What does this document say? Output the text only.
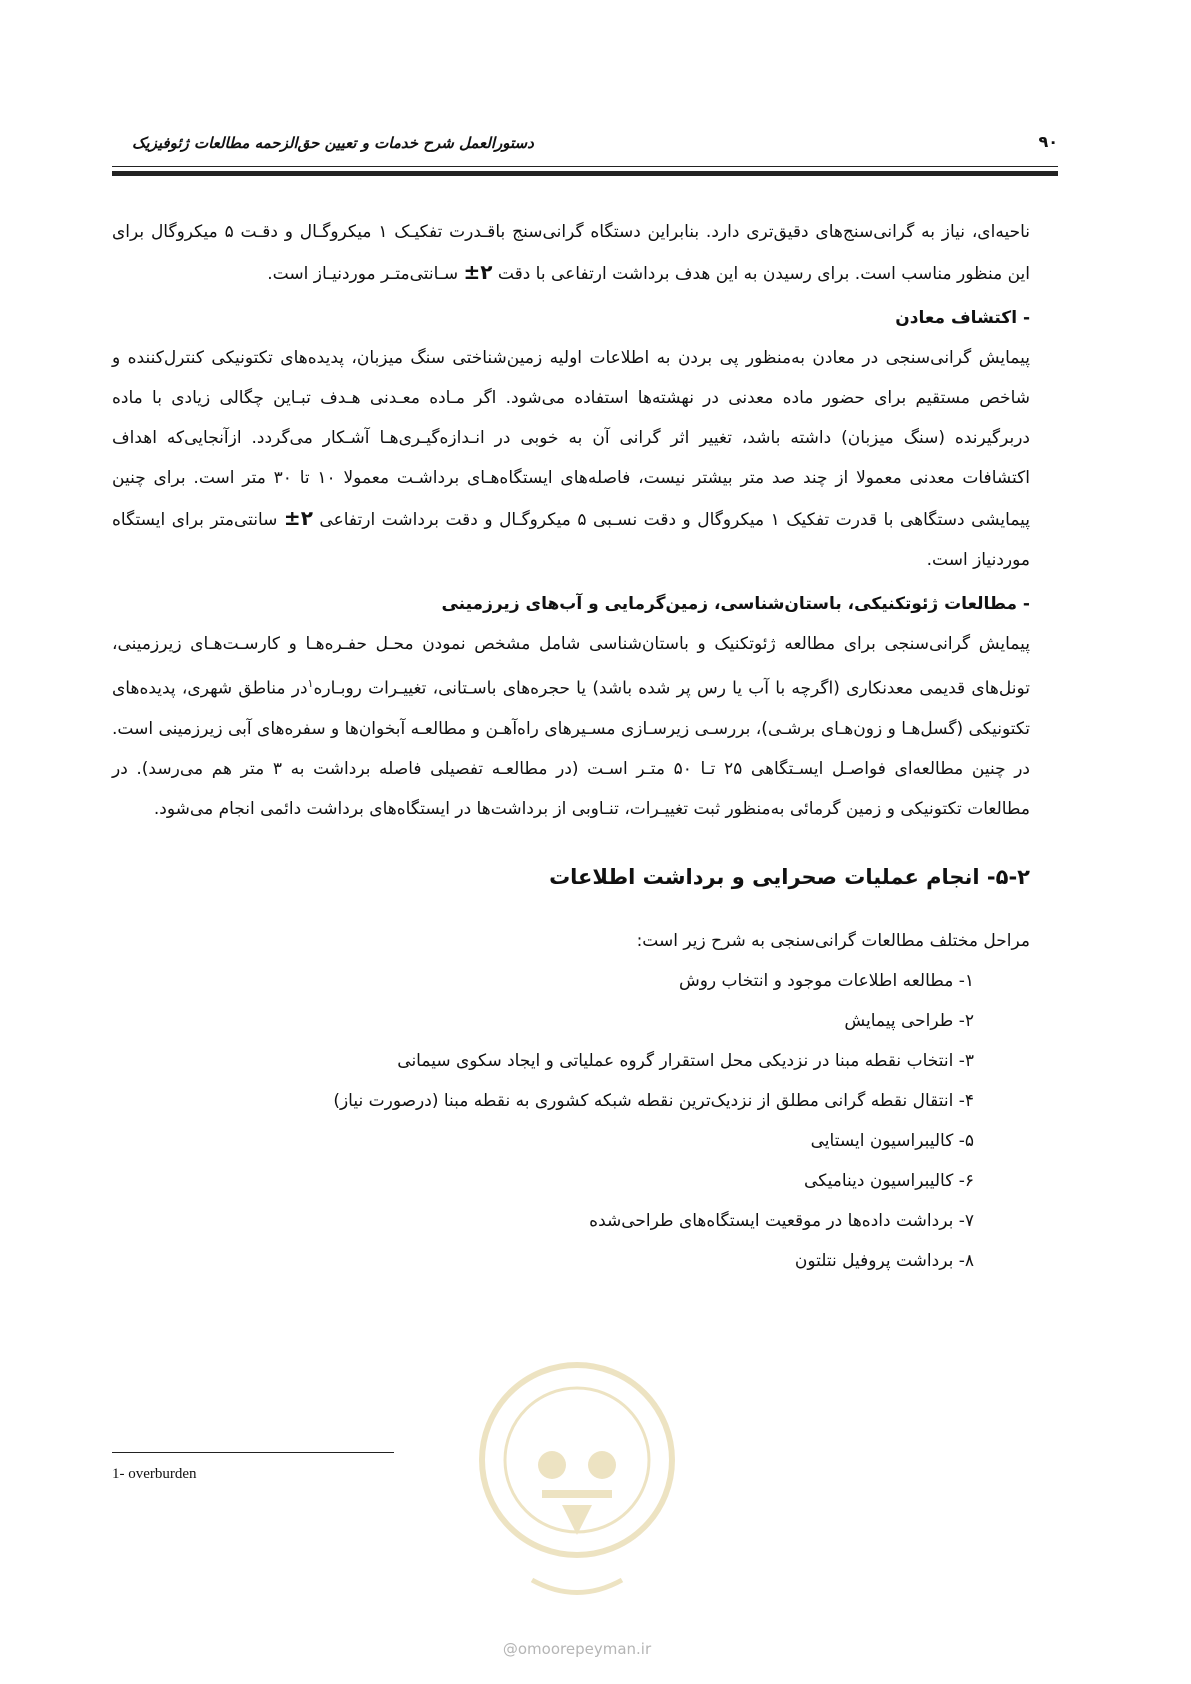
۹۰
دستورالعمل شرح خدمات و تعیین حق‌الزحمه مطالعات ژئوفیزیک

ناحیه‌ای، نیاز به گرانی‌سنج‌های دقیق‌تری دارد. بنابراین دستگاه گرانی‌سنج باقـدرت تفکیـک ۱ میکروگـال و دقـت ۵ میکروگال برای این منظور مناسب است. برای رسیدن به این هدف برداشت ارتفاعی با دقت ۲± سـانتی‌متـر موردنیـاز است.

- اکتشاف معادن

پیمایش گرانی‌سنجی در معادن به‌منظور پی بردن به اطلاعات اولیه زمین‌شناختی سنگ میزبان، پدیده‌های تکتونیکی کنترل‌کننده و شاخص مستقیم برای حضور ماده معدنی در نهشته‌ها استفاده می‌شود. اگر مـاده معـدنی هـدف تبـاین چگالی زیادی با ماده دربرگیرنده (سنگ میزبان) داشته باشد، تغییر اثر گرانی آن به خوبی در انـدازه‌گیـری‌هـا آشـکار می‌گردد. ازآنجایی‌که اهداف اکتشافات معدنی معمولا از چند صد متر بیشتر نیست، فاصله‌های ایستگاه‌هـای برداشـت معمولا ۱۰ تا ۳۰ متر است. برای چنین پیمایشی دستگاهی با قدرت تفکیک ۱ میکروگال و دقت نسـبی ۵ میکروگـال و دقت برداشت ارتفاعی ۲± سانتی‌متر برای ایستگاه موردنیاز است.

- مطالعات ژئوتکنیکی، باستان‌شناسی، زمین‌گرمایی و آب‌های زیرزمینی

پیمایش گرانی‌سنجی برای مطالعه ژئوتکنیک و باستان‌شناسی شامل مشخص نمودن محـل حفـره‌هـا و کارسـت‌هـای زیرزمینی، تونل‌های قدیمی معدنکاری (اگرچه با آب یا رس پر شده باشد) یا حجره‌های باسـتانی، تغییـرات روبـاره$^۱$در مناطق شهری، پدیده‌های تکتونیکی (گسل‌هـا و زون‌هـای برشـی)، بررسـی زیرسـازی مسـیرهای راه‌آهـن و مطالعـه آبخوان‌ها و سفره‌های آبی زیرزمینی است. در چنین مطالعه‌ای فواصـل ایسـتگاهی ۲۵ تـا ۵۰ متـر اسـت (در مطالعـه تفصیلی فاصله برداشت به ۳ متر هم می‌رسد). در مطالعات تکتونیکی و زمین گرمائی به‌منظور ثبت تغییـرات، تنـاوبی از برداشت‌ها در ایستگاه‌های برداشت دائمی انجام می‌شود.

۵-۲- انجام عملیات صحرایی و برداشت اطلاعات

مراحل مختلف مطالعات گرانی‌سنجی به شرح زیر است:

۱- مطالعه اطلاعات موجود و انتخاب روش
۲- طراحی پیمایش
۳- انتخاب نقطه مبنا در نزدیکی محل استقرار گروه عملیاتی و ایجاد سکوی سیمانی
۴- انتقال نقطه گرانی مطلق از نزدیک‌ترین نقطه شبکه کشوری به نقطه مبنا (درصورت نیاز)
۵- کالیبراسیون ایستایی
۶- کالیبراسیون دینامیکی
۷- برداشت داده‌ها در موقعیت ایستگاه‌های طراحی‌شده
۸- برداشت پروفیل نتلتون
1- overburden
@omoorepeyman.ir
